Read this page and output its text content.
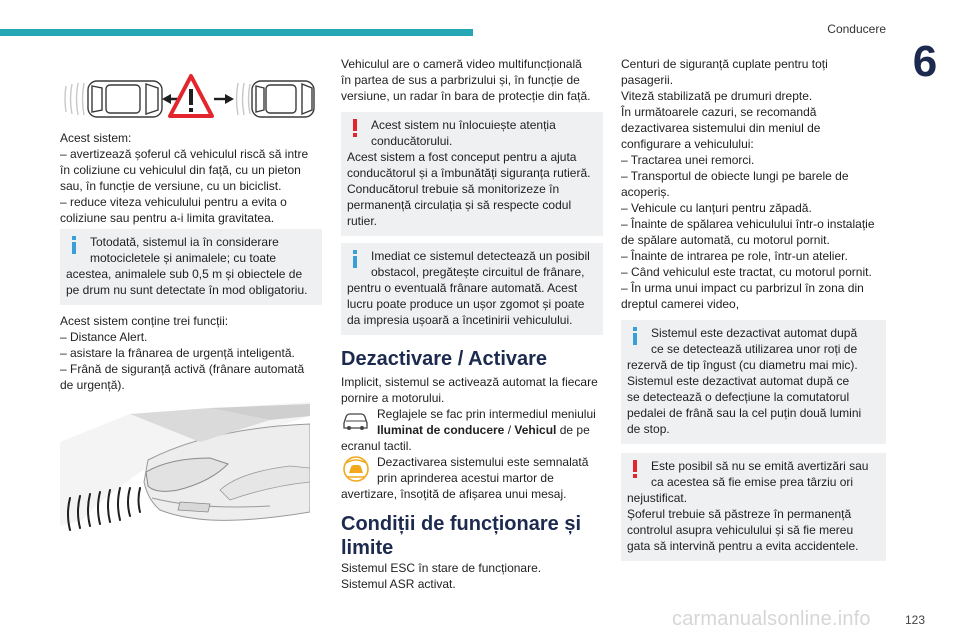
Conducere
6

Acest sistem:

– avertizează șoferul că vehiculul riscă să intre

în coliziune cu vehiculul din față, cu un pieton

sau, în funcție de versiune, cu un biciclist.

– reduce viteza vehiculului pentru a evita o

coliziune sau pentru a-i limita gravitatea.

Totodată, sistemul ia în considerare

motocicletele și animalele; cu toate

acestea, animalele sub 0,5 m și obiectele de

pe drum nu sunt detectate în mod obligatoriu.

Acest sistem conține trei funcții:

– Distance Alert.

– asistare la frânarea de urgență inteligentă.

– Frână de siguranță activă (frânare automată

de urgență).

Vehiculul are o cameră video multifuncțională

în partea de sus a parbrizului și, în funcție de

versiune, un radar în bara de protecție din față.

Acest sistem nu înlocuiește atenția

conducătorului.

Acest sistem a fost conceput pentru a ajuta

conducătorul și a îmbunătăți siguranța rutieră.

Conducătorul trebuie să monitorizeze în

permanență circulația și să respecte codul

rutier.

Imediat ce sistemul detectează un posibil

obstacol, pregătește circuitul de frânare,

pentru o eventuală frânare automată. Acest

lucru poate produce un ușor zgomot și poate

da impresia ușoară a încetinirii vehiculului.

Dezactivare / Activare

Implicit, sistemul se activează automat la fiecare

pornire a motorului.

Reglajele se fac prin intermediul meniului

Iluminat de conducere / Vehicul de pe

ecranul tactil.

Dezactivarea sistemului este semnalată

prin aprinderea acestui martor de

avertizare, însoțită de afișarea unui mesaj.

Condiții de funcționare și
limite

Sistemul ESC în stare de funcționare.

Sistemul ASR activat.

Centuri de siguranță cuplate pentru toți

pasagerii.

Viteză stabilizată pe drumuri drepte.

În următoarele cazuri, se recomandă

dezactivarea sistemului din meniul de

configurare a vehiculului:

– Tractarea unei remorci.

– Transportul de obiecte lungi pe barele de

acoperiș.

– Vehicule cu lanțuri pentru zăpadă.

– Înainte de spălarea vehiculului într-o instalație

de spălare automată, cu motorul pornit.

– Înainte de intrarea pe role, într-un atelier.

– Când vehiculul este tractat, cu motorul pornit.

– În urma unui impact cu parbrizul în zona din

dreptul camerei video,

Sistemul este dezactivat automat după

ce se detectează utilizarea unor roți de

rezervă de tip îngust (cu diametru mai mic).

Sistemul este dezactivat automat după ce

se detectează o defecțiune la comutatorul

pedalei de frână sau la cel puțin două lumini

de stop.

Este posibil să nu se emită avertizări sau

ca acestea să fie emise prea târziu ori

nejustificat.

Șoferul trebuie să păstreze în permanență

controlul asupra vehiculului și să fie mereu

gata să intervină pentru a evita accidentele.

carmanualsonline.info	123
